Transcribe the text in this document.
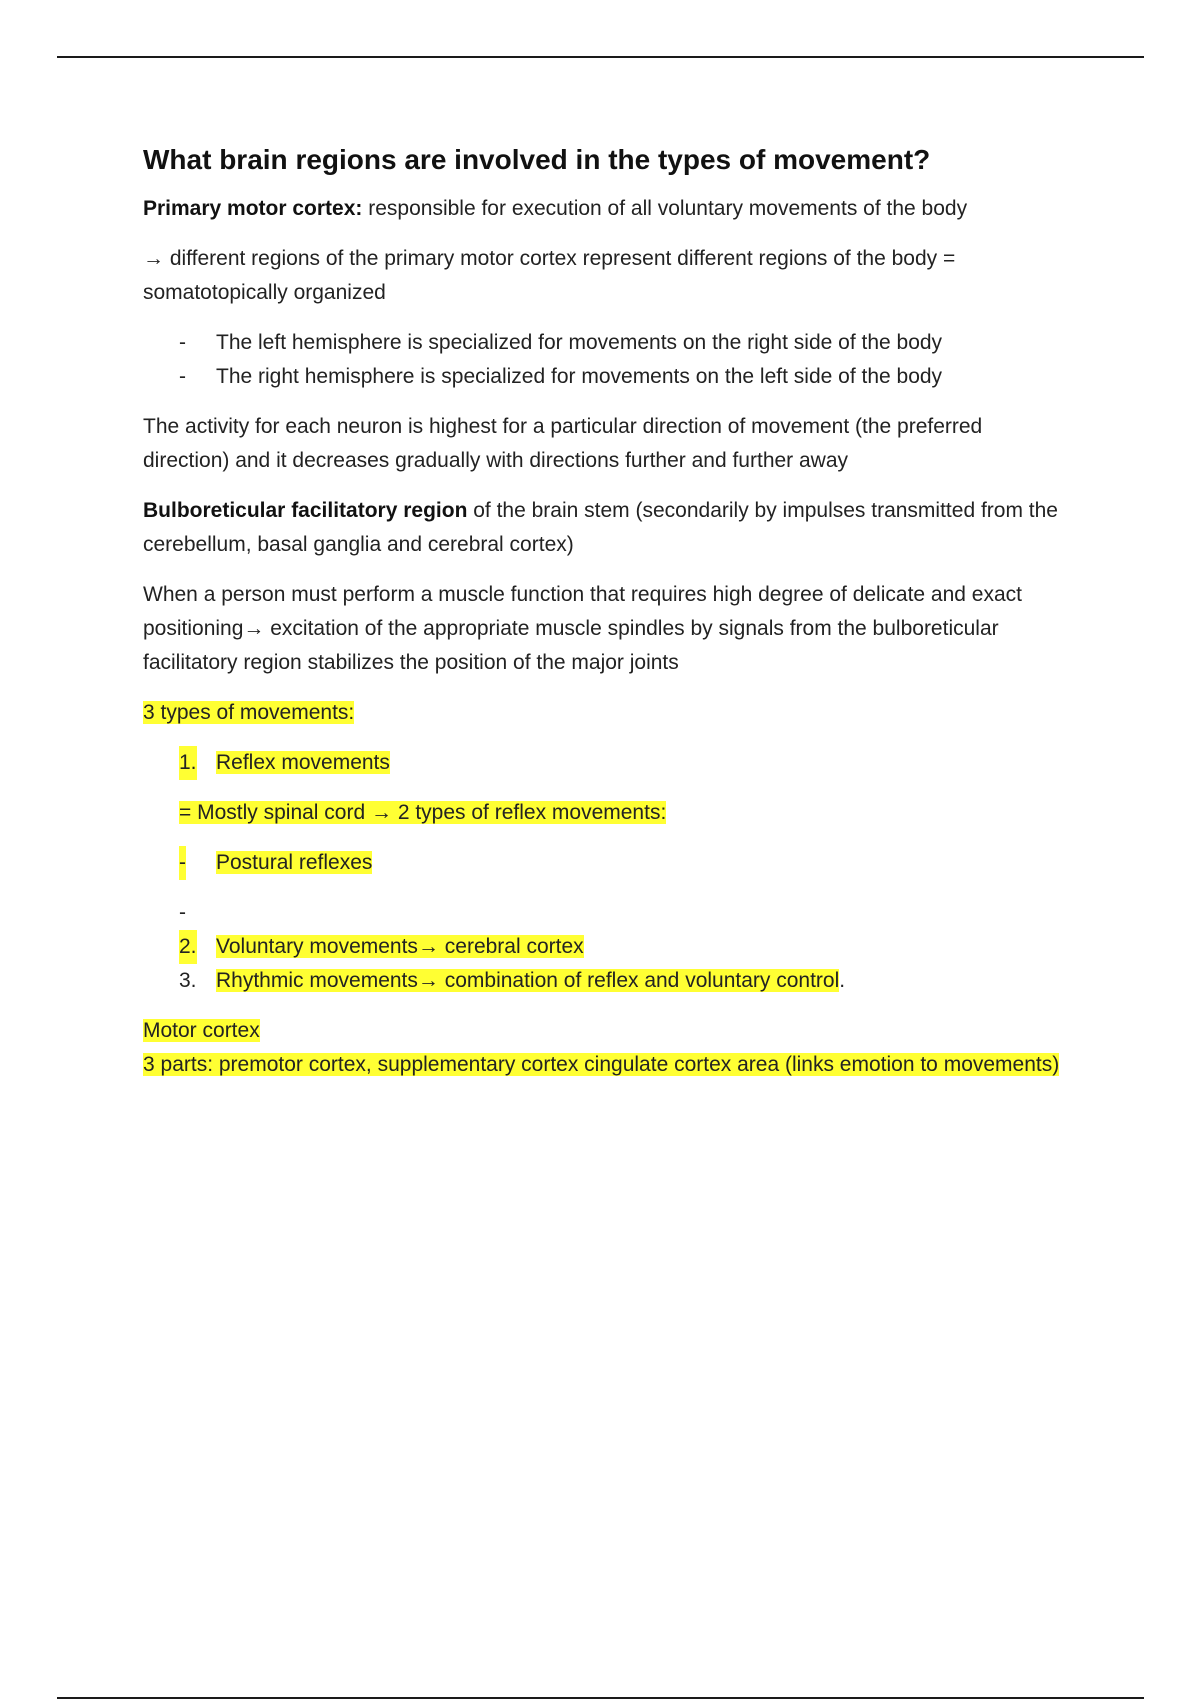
What brain regions are involved in the types of movement?

Primary motor cortex: responsible for execution of all voluntary movements of the body

→ different regions of the primary motor cortex represent different regions of the body = somatotopically organized

- The left hemisphere is specialized for movements on the right side of the body
- The right hemisphere is specialized for movements on the left side of the body

The activity for each neuron is highest for a particular direction of movement (the preferred direction) and it decreases gradually with directions further and further away

Bulboreticular facilitatory region of the brain stem (secondarily by impulses transmitted from the cerebellum, basal ganglia and cerebral cortex)

When a person must perform a muscle function that requires high degree of delicate and exact positioning→ excitation of the appropriate muscle spindles by signals from the bulboreticular facilitatory region stabilizes the position of the major joints

3 types of movements:

1. Reflex movements
= Mostly spinal cord → 2 types of reflex movements:
- Postural reflexes
-
2. Voluntary movements→ cerebral cortex
3. Rhythmic movements→ combination of reflex and voluntary control.

Motor cortex
3 parts: premotor cortex, supplementary cortex cingulate cortex area (links emotion to movements)
